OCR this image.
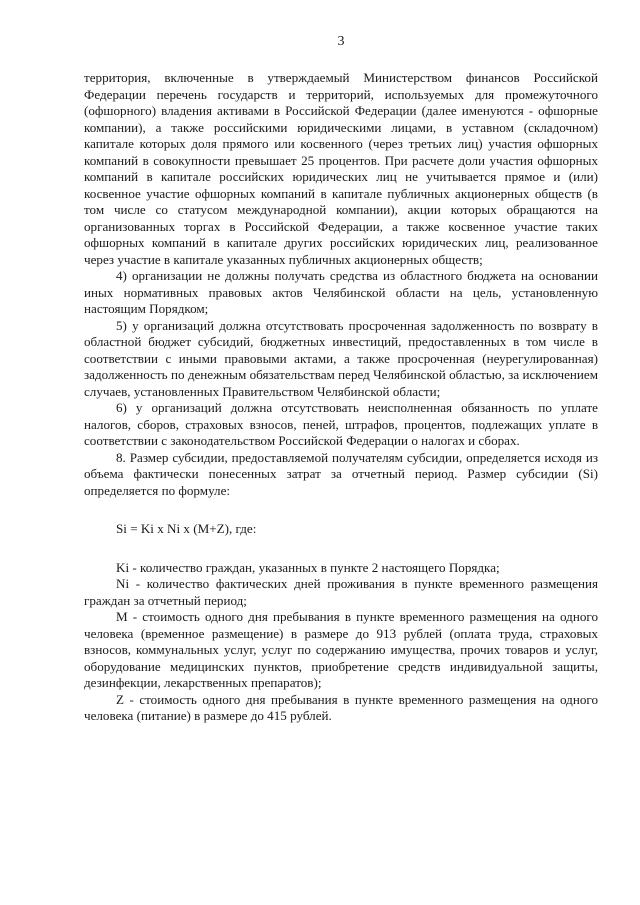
3

территория, включенные в утверждаемый Министерством финансов Российской Федерации перечень государств и территорий, используемых для промежуточного (офшорного) владения активами в Российской Федерации (далее именуются - офшорные компании), а также российскими юридическими лицами, в уставном (складочном) капитале которых доля прямого или косвенного (через третьих лиц) участия офшорных компаний в совокупности превышает 25 процентов. При расчете доли участия офшорных компаний в капитале российских юридических лиц не учитывается прямое и (или) косвенное участие офшорных компаний в капитале публичных акционерных обществ (в том числе со статусом международной компании), акции которых обращаются на организованных торгах в Российской Федерации, а также косвенное участие таких офшорных компаний в капитале других российских юридических лиц, реализованное через участие в капитале указанных публичных акционерных обществ;

4) организации не должны получать средства из областного бюджета на основании иных нормативных правовых актов Челябинской области на цель, установленную настоящим Порядком;

5) у организаций должна отсутствовать просроченная задолженность по возврату в областной бюджет субсидий, бюджетных инвестиций, предоставленных в том числе в соответствии с иными правовыми актами, а также просроченная (неурегулированная) задолженность по денежным обязательствам перед Челябинской областью, за исключением случаев, установленных Правительством Челябинской области;

6) у организаций должна отсутствовать неисполненная обязанность по уплате налогов, сборов, страховых взносов, пеней, штрафов, процентов, подлежащих уплате в соответствии с законодательством Российской Федерации о налогах и сборах.

8. Размер субсидии, предоставляемой получателям субсидии, определяется исходя из объема фактически понесенных затрат за отчетный период. Размер субсидии (Si) определяется по формуле:

Si = Ki x Ni x (M+Z), где:

Ki - количество граждан, указанных в пункте 2 настоящего Порядка;

Ni - количество фактических дней проживания в пункте временного размещения граждан за отчетный период;

M - стоимость одного дня пребывания в пункте временного размещения на одного человека (временное размещение) в размере до 913 рублей (оплата труда, страховых взносов, коммунальных услуг, услуг по содержанию имущества, прочих товаров и услуг, оборудование медицинских пунктов, приобретение средств индивидуальной защиты, дезинфекции, лекарственных препаратов);

Z - стоимость одного дня пребывания в пункте временного размещения на одного человека (питание) в размере до 415 рублей.
